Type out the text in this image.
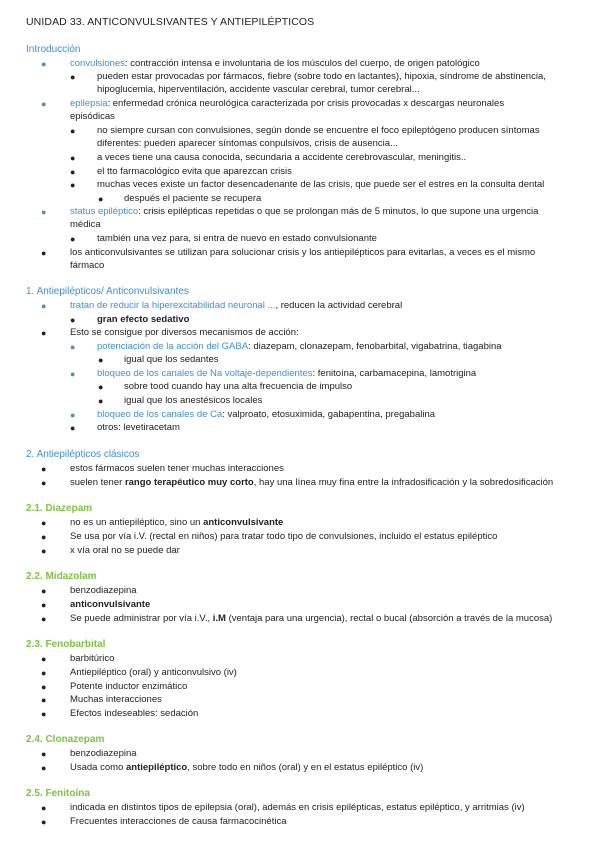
UNIDAD 33. ANTICONVULSIVANTES Y ANTIEPILÉPTICOS
Introducción
● convulsiones: contracción intensa e involuntaria de los músculos del cuerpo, de origen patológico
● pueden estar provocadas por fármacos, fiebre (sobre todo en lactantes), hipoxia, síndrome de abstinencia,
hipoglucemia, hiperventilación, accidente vascular cerebral, tumor cerebral...
● epilepsia: enfermedad crónica neurológica caracterizada por crisis provocadas x descargas neuronales
episódicas
● no siempre cursan con convulsiones, según donde se encuentre el foco epileptógeno producen síntomas
diferentes: pueden aparecer síntomas conpulsivos, crisis de ausencia...
● a veces tiene una causa conocida, secundaria a accidente cerebrovascular, meningitis..
● el tto farmacológico evita que aparezcan crisis
● muchas veces existe un factor desencadenante de las crisis, que puede ser el estres en la consulta dental
● después el paciente se recupera
● status epiléptico: crisis epilépticas repetidas o que se prolongan más de 5 minutos, lo que supone una urgencia
médica
● también una vez para, si entra de nuevo en estado convulsionante
● los anticonvulsivantes se utilizan para solucionar crisis y los antiepilépticos para evitarlas, a veces es el mismo
fármaco
1. Antiepilépticos/ Anticonvulsivantes
● tratan de reducir la hiperexcitabilidad neuronal ..., reducen la actividad cerebral
● gran efecto sedativo
● Esto se consigue por diversos mecanismos de acción:
● potenciación de la acción del GABA: diazepam, clonazepam, fenobarbital, vigabatrina, tiagabina
● igual que los sedantes
● bloqueo de los canales de Na voltaje-dependientes: fenitoína, carbamacepina, lamotrigina
● sobre tood cuando hay una alta frecuencia de impulso
● igual que los anestésicos locales
● bloqueo de los canales de Ca: valproato, etosuximida, gabapentina, pregabalina
● otros: levetiracetam
2. Antiepilépticos clásicos
● estos fármacos suelen tener muchas interacciones
● suelen tener rango terapéutico muy corto, hay una línea muy fina entre la infradosificación y la sobredosificación
2.1. Diazepam
● no es un antiepiléptico, sino un anticonvulsivante
● Se usa por vía i.V. (rectal en niños) para tratar todo tipo de convulsiones, incluido el estatus epiléptico
● x vía oral no se puede dar
2.2. Midazolam
● benzodiazepina
● anticonvulsivante
● Se puede administrar por vía i.V., i.M (ventaja para una urgencia), rectal o bucal (absorción a través de la mucosa)
2.3. Fenobarbital
● barbitúrico
● Antiepiléptico (oral) y anticonvulsivo (iv)
● Potente inductor enzimático
● Muchas interacciones
● Efectos indeseables: sedación
2.4. Clonazepam
● benzodiazepina
● Usada como antiepiléptico, sobre todo en niños (oral) y en el estatus epiléptico (iv)
2.5. Fenitoína
● indicada en distintos tipos de epilepsia (oral), además en crisis epilépticas, estatus epiléptico, y arritmias (iv)
● Frecuentes interacciones de causa farmacocinética
